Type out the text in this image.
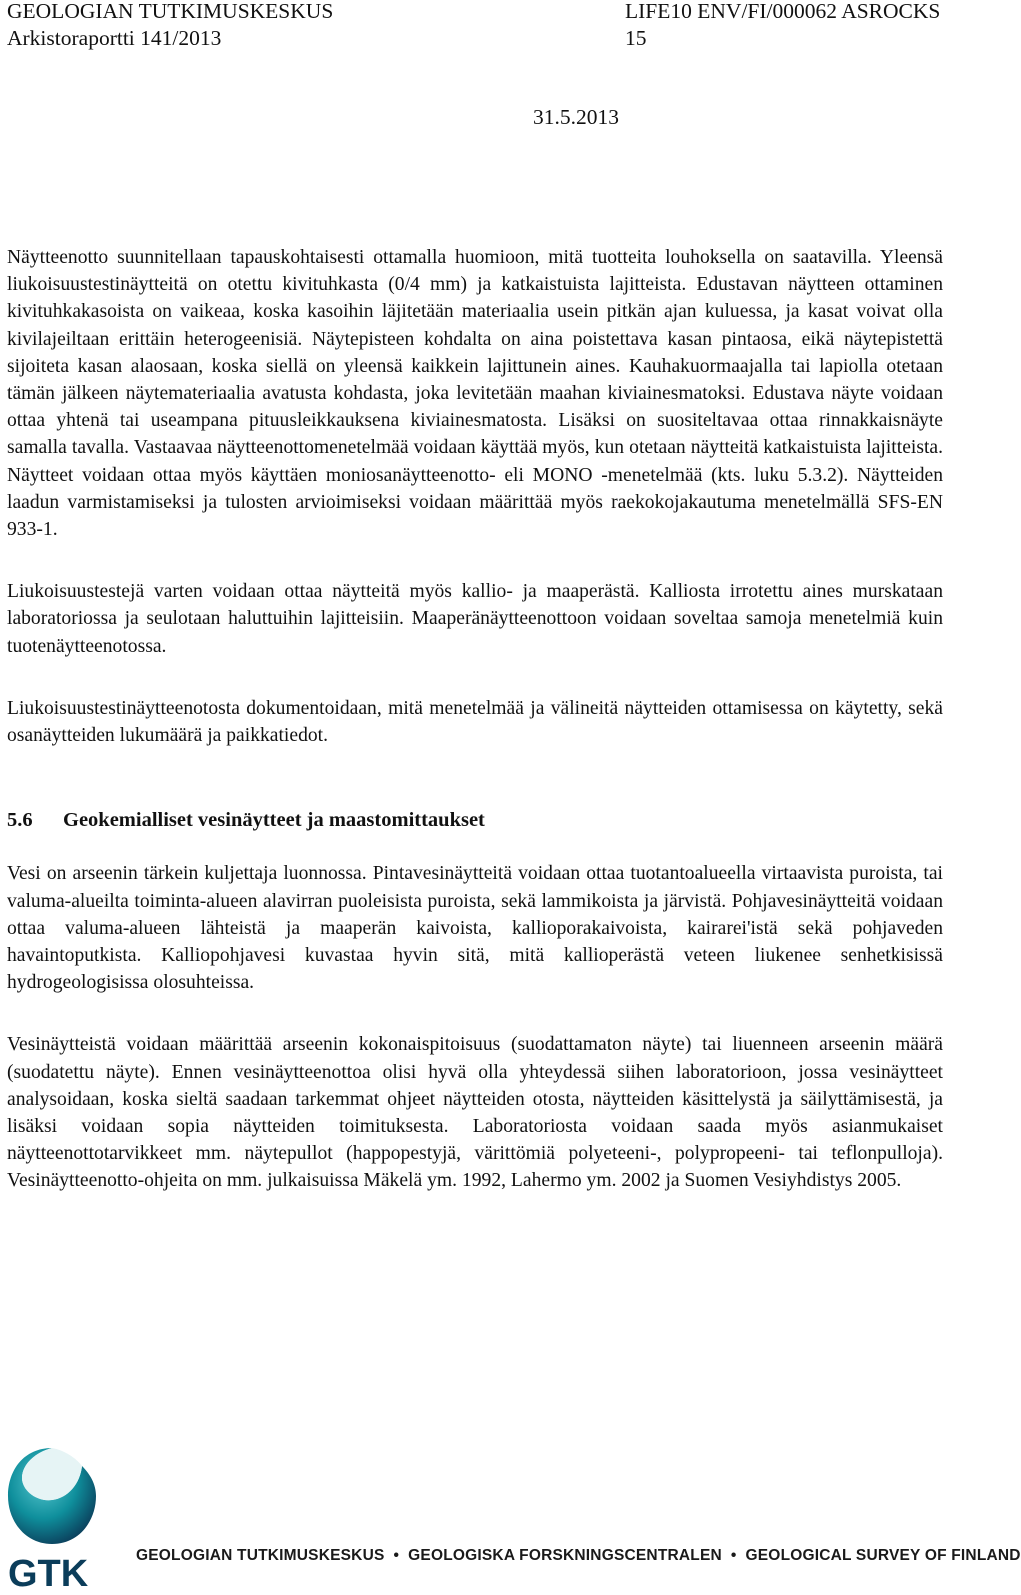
GEOLOGIAN TUTKIMUSKESKUS	LIFE10 ENV/FI/000062 ASROCKS
Arkistoraportti 141/2013	15
31.5.2013

Näytteenotto suunnitellaan tapauskohtaisesti ottamalla huomioon, mitä tuotteita louhoksella on saatavilla. Yleensä liukoisuustestinäytteitä on otettu kivituhkasta (0/4 mm) ja katkaistuista lajitteista. Edustavan näytteen ottaminen kivituhkakasoista on vaikeaa, koska kasoihin läjitetään materiaalia usein pitkän ajan kuluessa, ja kasat voivat olla kivilajeiltaan erittäin heterogeenisiä. Näytepisteen kohdalta on aina poistettava kasan pintaosa, eikä näytepistettä sijoiteta kasan alaosaan, koska siellä on yleensä kaikkein lajittunein aines. Kauhakuormaajalla tai lapiolla otetaan tämän jälkeen näytemateriaalia avatusta kohdasta, joka levitetään maahan kiviainesmatoksi. Edustava näyte voidaan ottaa yhtenä tai useampana pituusleikkauksena kiviainesmatosta. Lisäksi on suositeltavaa ottaa rinnakkaisnäyte samalla tavalla. Vastaavaa näytteenottomenetelmää voidaan käyttää myös, kun otetaan näytteitä katkaistuista lajitteista. Näytteet voidaan ottaa myös käyttäen moniosanäytteenotto- eli MONO -menetelmää (kts. luku 5.3.2). Näytteiden laadun varmistamiseksi ja tulosten arvioimiseksi voidaan määrittää myös raekokojakautuma menetelmällä SFS-EN 933-1.

Liukoisuustestejä varten voidaan ottaa näytteitä myös kallio- ja maaperästä. Kalliosta irrotettu aines murskataan laboratoriossa ja seulotaan haluttuihin lajitteisiin. Maaperänäytteenottoon voidaan soveltaa samoja menetelmiä kuin tuotenäytteenotossa.

Liukoisuustestinäytteenotosta dokumentoidaan, mitä menetelmää ja välineitä näytteiden ottamisessa on käytetty, sekä osanäytteiden lukumäärä ja paikkatiedot.

5.6	Geokemialliset vesinäytteet ja maastomittaukset

Vesi on arseenin tärkein kuljettaja luonnossa. Pintavesinäytteitä voidaan ottaa tuotantoalueella virtaavista puroista, tai valuma-alueilta toiminta-alueen alavirran puoleisista puroista, sekä lammikoista ja järvistä. Pohjavesinäytteitä voidaan ottaa valuma-alueen lähteistä ja maaperän kaivoista, kallioporakaivoista, kairarei'istä sekä pohjaveden havaintoputkista. Kalliopohjavesi kuvastaa hyvin sitä, mitä kallioperästä veteen liukenee senhetkisissä hydrogeologisissa olosuhteissa.

Vesinäytteistä voidaan määrittää arseenin kokonaispitoisuus (suodattamaton näyte) tai liuenneen arseenin määrä (suodatettu näyte). Ennen vesinäytteenottoa olisi hyvä olla yhteydessä siihen laboratorioon, jossa vesinäytteet analysoidaan, koska sieltä saadaan tarkemmat ohjeet näytteiden otosta, näytteiden käsittelystä ja säilyttämisestä, ja lisäksi voidaan sopia näytteiden toimituksesta. Laboratoriosta voidaan saada myös asianmukaiset näytteenottotarvikkeet mm. näytepullot (happopestyjä, värittömiä polyeteeni-, polypropeeni- tai teflonpulloja). Vesinäytteenotto-ohjeita on mm. julkaisuissa Mäkelä ym. 1992, Lahermo ym. 2002 ja Suomen Vesiyhdistys 2005.

GTK	GEOLOGIAN TUTKIMUSKESKUS • GEOLOGISKA FORSKNINGSCENTRALEN • GEOLOGICAL SURVEY OF FINLAND
